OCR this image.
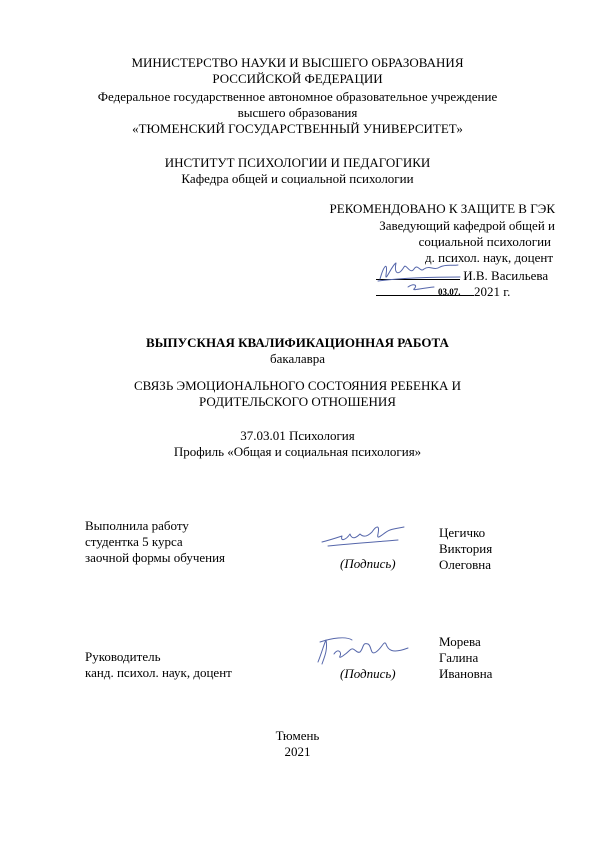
МИНИСТЕРСТВО НАУКИ И ВЫСШЕГО ОБРАЗОВАНИЯ
РОССИЙСКОЙ ФЕДЕРАЦИИ
Федеральное государственное автономное образовательное учреждение
высшего образования
«ТЮМЕНСКИЙ ГОСУДАРСТВЕННЫЙ УНИВЕРСИТЕТ»
ИНСТИТУТ ПСИХОЛОГИИ И ПЕДАГОГИКИ
Кафедра общей и социальной психологии
РЕКОМЕНДОВАНО К ЗАЩИТЕ В ГЭК
Заведующий кафедрой общей и
социальной психологии
д. психол. наук, доцент
И.В. Васильева
03.07. 2021 г.
ВЫПУСКНАЯ КВАЛИФИКАЦИОННАЯ РАБОТА
бакалавра
СВЯЗЬ ЭМОЦИОНАЛЬНОГО СОСТОЯНИЯ РЕБЕНКА И
РОДИТЕЛЬСКОГО ОТНОШЕНИЯ
37.03.01 Психология
Профиль «Общая и социальная психология»
Выполнила работу
студентка 5 курса
заочной формы обучения	(Подпись)
Цегичко
Виктория
Олеговна
Руководитель
канд. психол. наук, доцент	(Подпись)
Морева
Галина
Ивановна
Тюмень
2021
